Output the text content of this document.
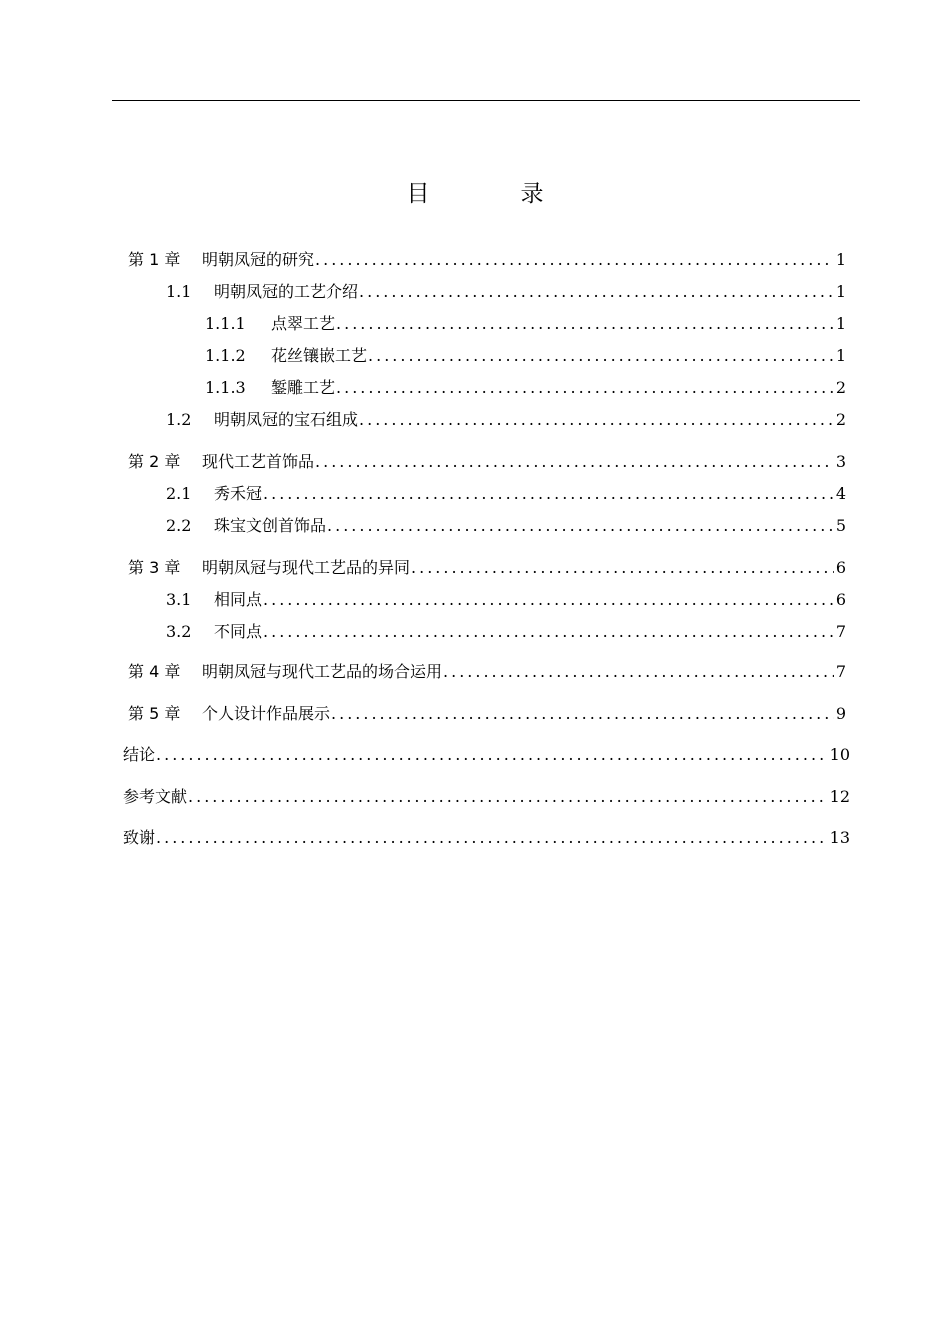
目　录
第 1 章	明朝凤冠的研究 .....	1
1.1	明朝凤冠的工艺介绍 .....	1
1.1.1	点翠工艺 .....	1
1.1.2	花丝镶嵌工艺 .....	1
1.1.3	錾雕工艺 .....	2
1.2	明朝凤冠的宝石组成 .....	2
第 2 章	现代工艺首饰品 .....	3
2.1	秀禾冠 .....	4
2.2	珠宝文创首饰品 .....	5
第 3 章	明朝凤冠与现代工艺品的异同 .....	6
3.1	相同点 .....	6
3.2	不同点 .....	7
第 4 章	明朝凤冠与现代工艺品的场合运用 .....	7
第 5 章	个人设计作品展示 .....	9
结论 .....	10
参考文献 .....	12
致谢 .....	13
